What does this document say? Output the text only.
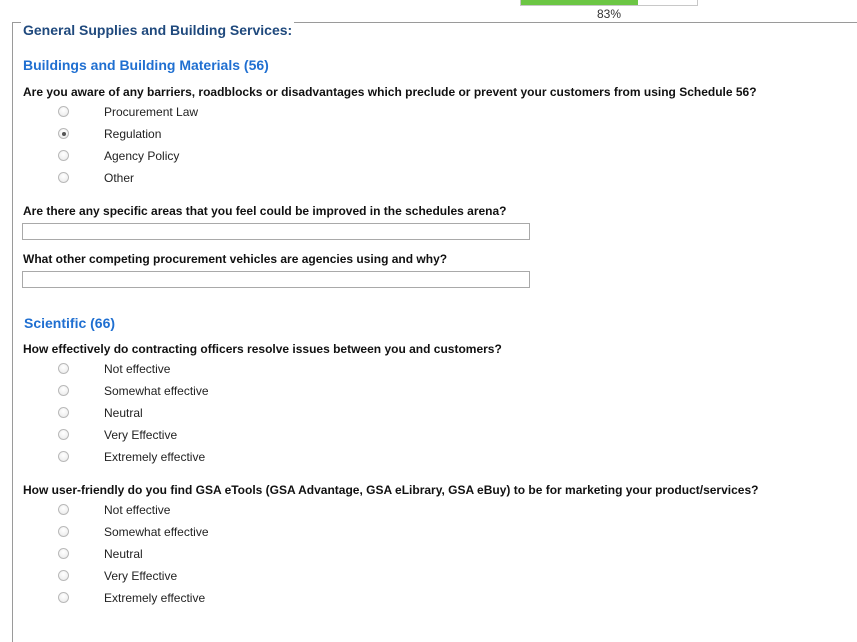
83%
General Supplies and Building Services:
Buildings and Building Materials (56)
Are you aware of any barriers, roadblocks or disadvantages which preclude or prevent your customers from using Schedule 56?
Procurement Law
Regulation
Agency Policy
Other
Are there any specific areas that you feel could be improved in the schedules arena?
What other competing procurement vehicles are agencies using and why?
Scientific (66)
How effectively do contracting officers resolve issues between you and customers?
Not effective
Somewhat effective
Neutral
Very Effective
Extremely effective
How user-friendly do you find GSA eTools (GSA Advantage, GSA eLibrary, GSA eBuy) to be for marketing your product/services?
Not effective
Somewhat effective
Neutral
Very Effective
Extremely effective
